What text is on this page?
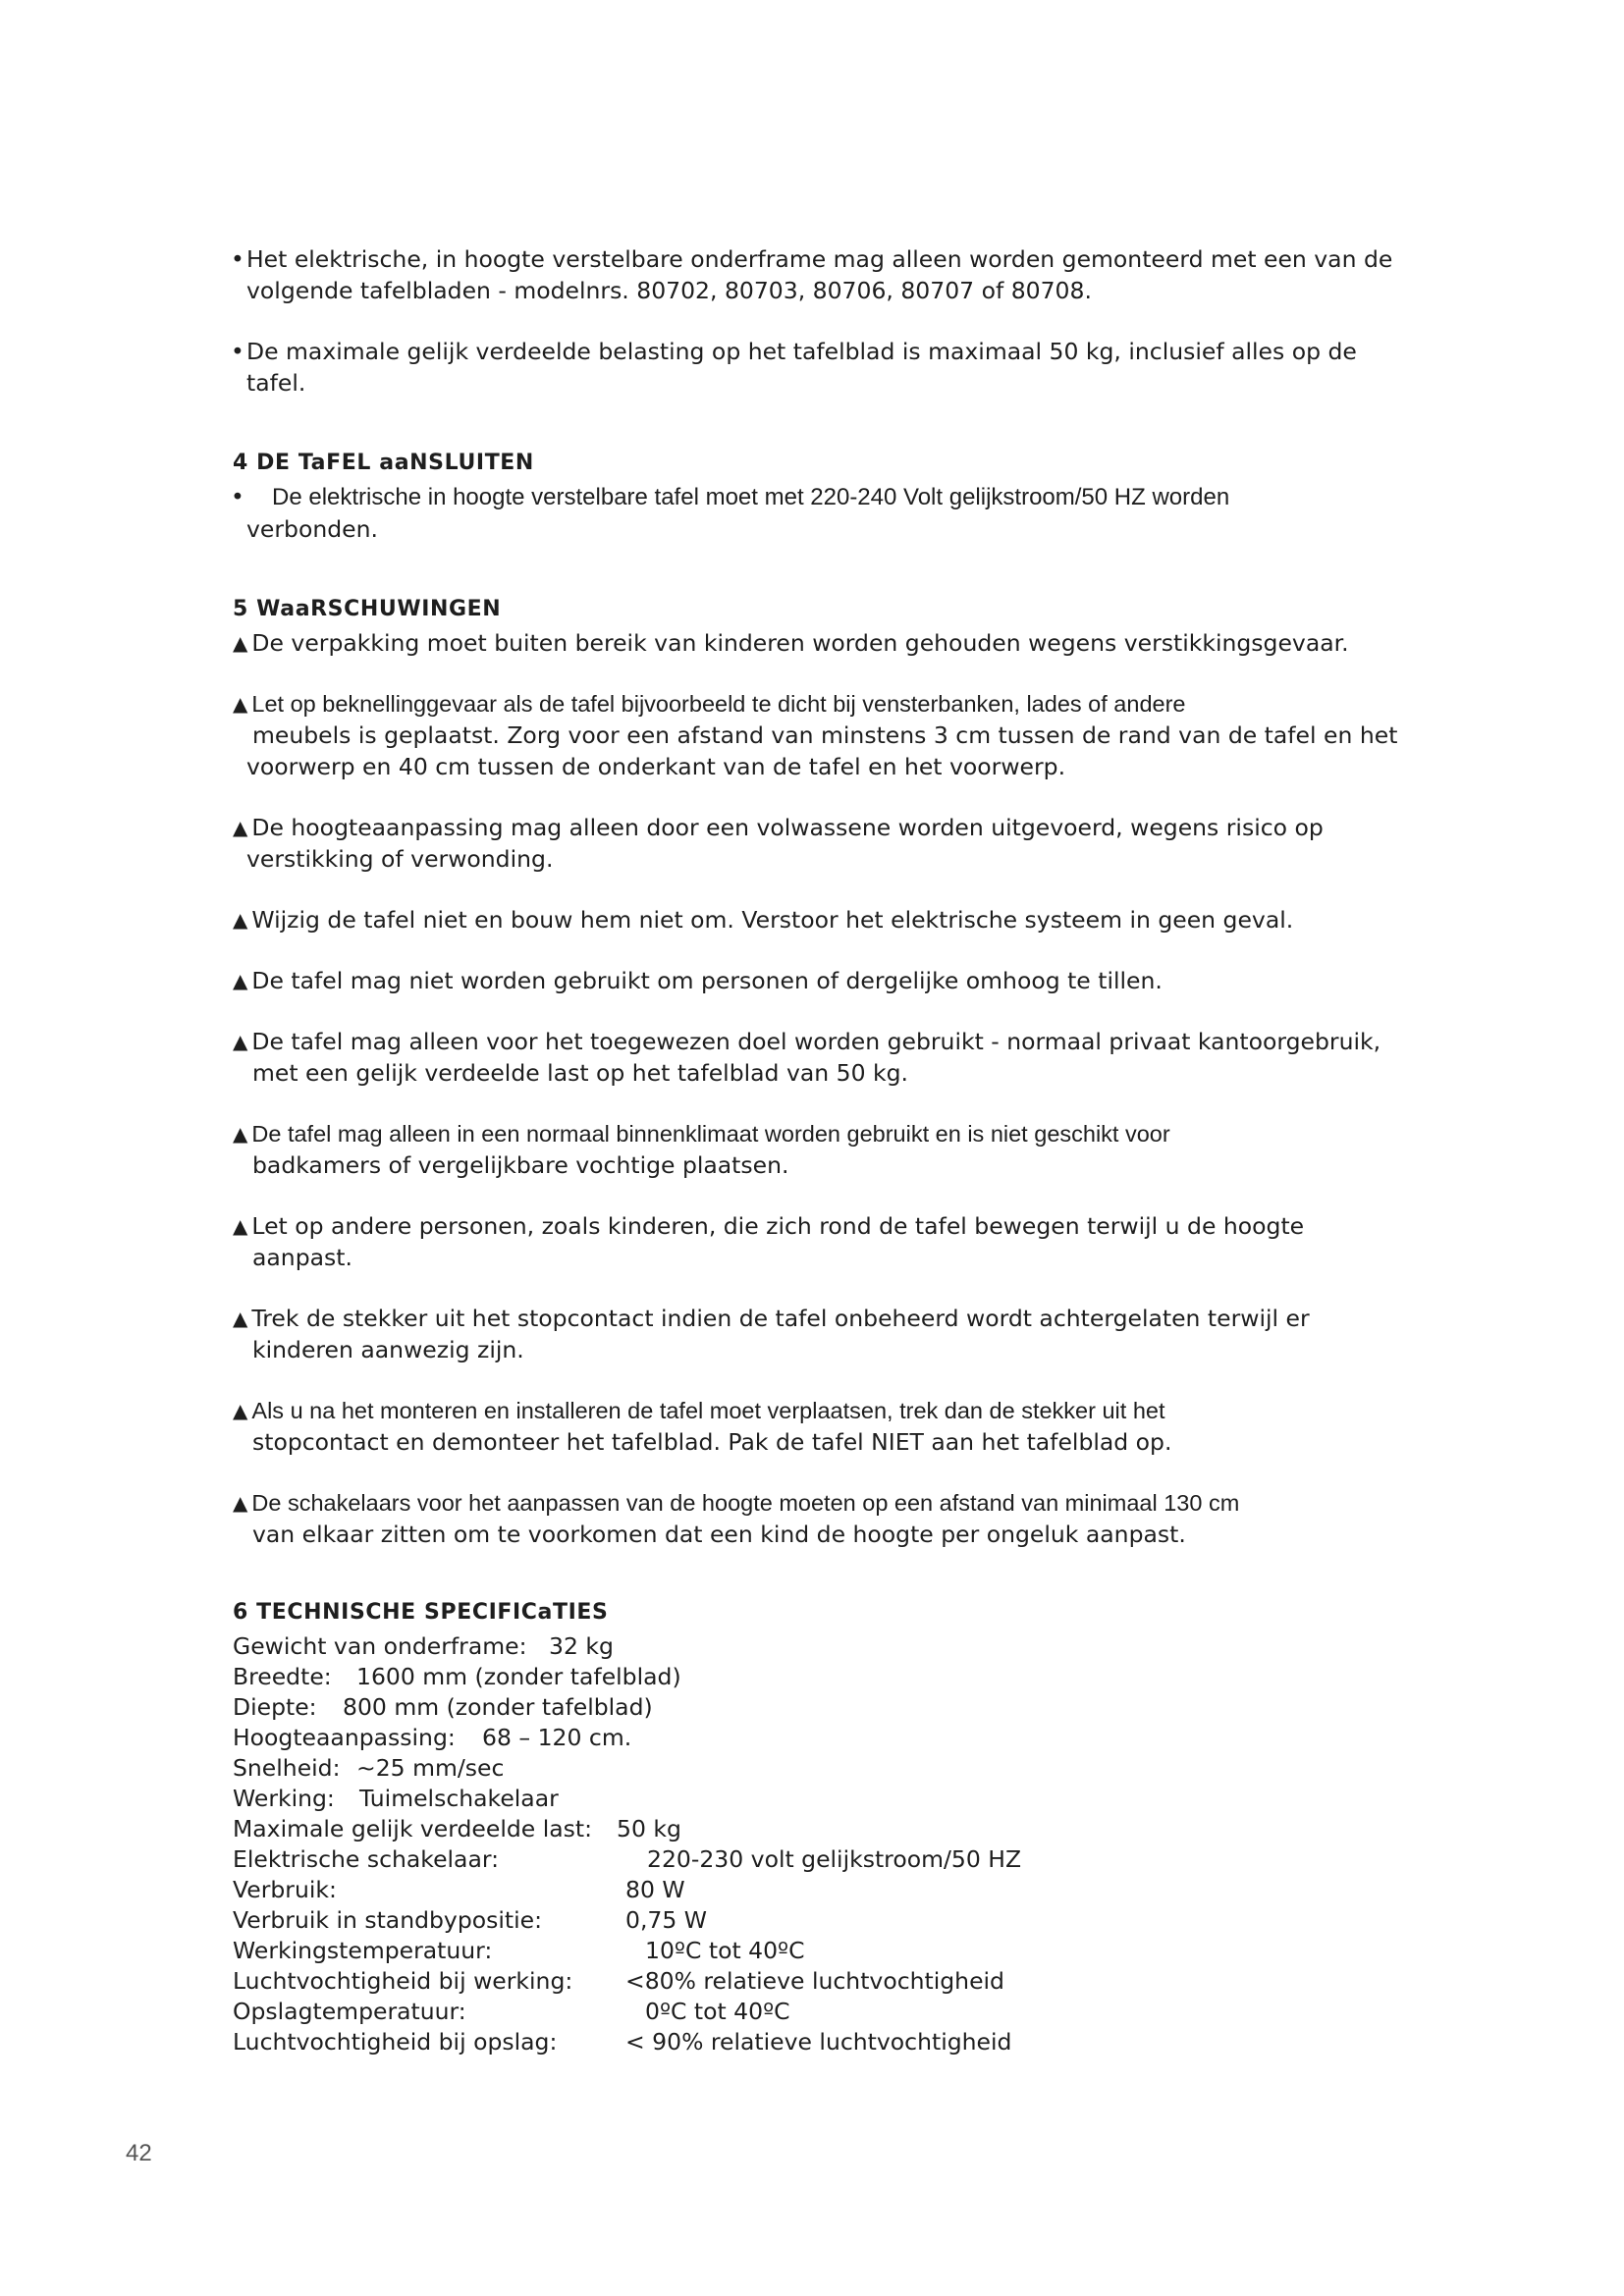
• Het elektrische, in hoogte verstelbare onderframe mag alleen worden gemonteerd met een van de
volgende tafelbladen - modelnrs. 80702, 80703, 80706, 80707 of 80708.
• De maximale gelijk verdeelde belasting op het tafelblad is maximaal 50 kg, inclusief alles op de
tafel.
4 DE TaFEL aaNSLUITEN
• De elektrische in hoogte verstelbare tafel moet met 220-240 Volt gelijkstroom/50 HZ worden
verbonden.
5 WaaRSCHUWINGEN
▲ De verpakking moet buiten bereik van kinderen worden gehouden wegens verstikkingsgevaar.
▲ Let op beknellinggevaar als de tafel bijvoorbeeld te dicht bij vensterbanken, lades of andere
meubels is geplaatst. Zorg voor een afstand van minstens 3 cm tussen de rand van de tafel en het
voorwerp en 40 cm tussen de onderkant van de tafel en het voorwerp.
▲ De hoogteaanpassing mag alleen door een volwassene worden uitgevoerd, wegens risico op
verstikking of verwonding.
▲ Wijzig de tafel niet en bouw hem niet om. Verstoor het elektrische systeem in geen geval.
▲ De tafel mag niet worden gebruikt om personen of dergelijke omhoog te tillen.
▲ De tafel mag alleen voor het toegewezen doel worden gebruikt - normaal privaat kantoorgebruik,
met een gelijk verdeelde last op het tafelblad van 50 kg.
▲ De tafel mag alleen in een normaal binnenklimaat worden gebruikt en is niet geschikt voor
badkamers of vergelijkbare vochtige plaatsen.
▲ Let op andere personen, zoals kinderen, die zich rond de tafel bewegen terwijl u de hoogte
aanpast.
▲ Trek de stekker uit het stopcontact indien de tafel onbeheerd wordt achtergelaten terwijl er
kinderen aanwezig zijn.
▲ Als u na het monteren en installeren de tafel moet verplaatsen, trek dan de stekker uit het
stopcontact en demonteer het tafelblad. Pak de tafel NIET aan het tafelblad op.
▲ De schakelaars voor het aanpassen van de hoogte moeten op een afstand van minimaal 130 cm
van elkaar zitten om te voorkomen dat een kind de hoogte per ongeluk aanpast.
6 TECHNISCHE SPECIFICaTIES
Gewicht van onderframe: 32 kg
Breedte: 1600 mm (zonder tafelblad)
Diepte: 800 mm (zonder tafelblad)
Hoogteaanpassing: 68 – 120 cm.
Snelheid: ~25 mm/sec
Werking: Tuimelschakelaar
Maximale gelijk verdeelde last: 50 kg
Elektrische schakelaar:	220-230 volt gelijkstroom/50 HZ
Verbruik:	80 W
Verbruik in standbypositie:	0,75 W
Werkingstemperatuur:	10ºC tot 40ºC
Luchtvochtigheid bij werking: <80% relatieve luchtvochtigheid
Opslagtemperatuur:	0ºC tot 40ºC
Luchtvochtigheid bij opslag:	< 90% relatieve luchtvochtigheid
42
